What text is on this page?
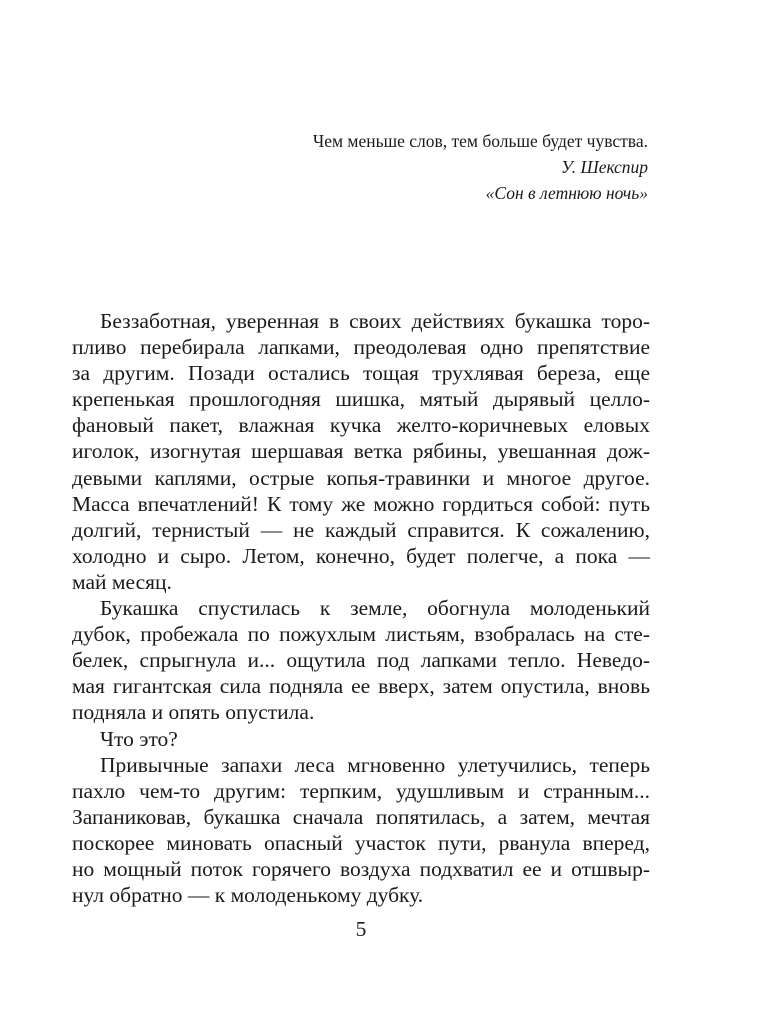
Чем меньше слов, тем больше будет чувства.
У. Шекспир
«Сон в летнюю ночь»

Беззаботная, уверенная в своих действиях букашка торо-
пливо перебирала лапками, преодолевая одно препятствие
за другим. Позади остались тощая трухлявая береза, еще
крепенькая прошлогодняя шишка, мятый дырявый целло-
фановый пакет, влажная кучка желто-коричневых еловых
иголок, изогнутая шершавая ветка рябины, увешанная дож-
девыми каплями, острые копья-травинки и многое другое.
Масса впечатлений! К тому же можно гордиться собой: путь
долгий, тернистый — не каждый справится. К сожалению,
холодно и сыро. Летом, конечно, будет полегче, а пока —
май месяц.

Букашка спустилась к земле, обогнула молоденький
дубок, пробежала по пожухлым листьям, взобралась на сте-
белек, спрыгнула и... ощутила под лапками тепло. Неведо-
мая гигантская сила подняла ее вверх, затем опустила, вновь
подняла и опять опустила.

Что это?

Привычные запахи леса мгновенно улетучились, теперь
пахло чем-то другим: терпким, удушливым и странным...
Запаниковав, букашка сначала попятилась, а затем, мечтая
поскорее миновать опасный участок пути, рванула вперед,
но мощный поток горячего воздуха подхватил ее и отшвыр-
нул обратно — к молоденькому дубку.

5
